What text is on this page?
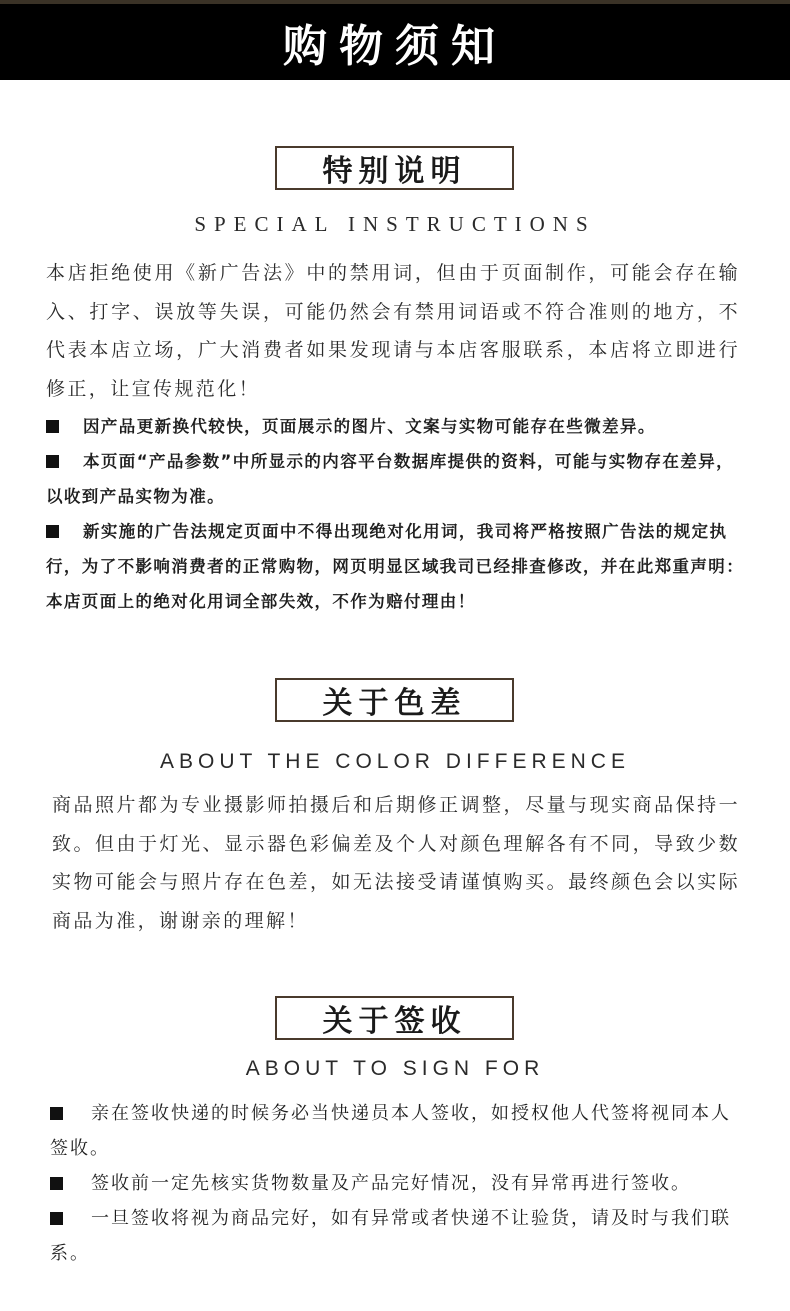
购物须知
特别说明
SPECIAL INSTRUCTIONS
本店拒绝使用《新广告法》中的禁用词，但由于页面制作，可能会存在输入、打字、误放等失误，可能仍然会有禁用词语或不符合准则的地方，不代表本店立场，广大消费者如果发现请与本店客服联系，本店将立即进行修正，让宣传规范化！
因产品更新换代较快，页面展示的图片、文案与实物可能存在些微差异。
本页面“产品参数”中所显示的内容平台数据库提供的资料，可能与实物存在差异，以收到产品实物为准。
新实施的广告法规定页面中不得出现绝对化用词，我司将严格按照广告法的规定执行，为了不影响消费者的正常购物，网页明显区域我司已经排查修改，并在此郑重声明：本店页面上的绝对化用词全部失效，不作为赔付理由！
关于色差
ABOUT THE COLOR DIFFERENCE
商品照片都为专业摄影师拍摄后和后期修正调整，尽量与现实商品保持一致。但由于灯光、显示器色彩偏差及个人对颜色理解各有不同，导致少数实物可能会与照片存在色差，如无法接受请谨慎购买。最终颜色会以实际商品为准，谢谢亲的理解！
关于签收
ABOUT TO SIGN FOR
亲在签收快递的时候务必当快递员本人签收，如授权他人代签将视同本人签收。
签收前一定先核实货物数量及产品完好情况，没有异常再进行签收。
一旦签收将视为商品完好，如有异常或者快递不让验货，请及时与我们联系。
